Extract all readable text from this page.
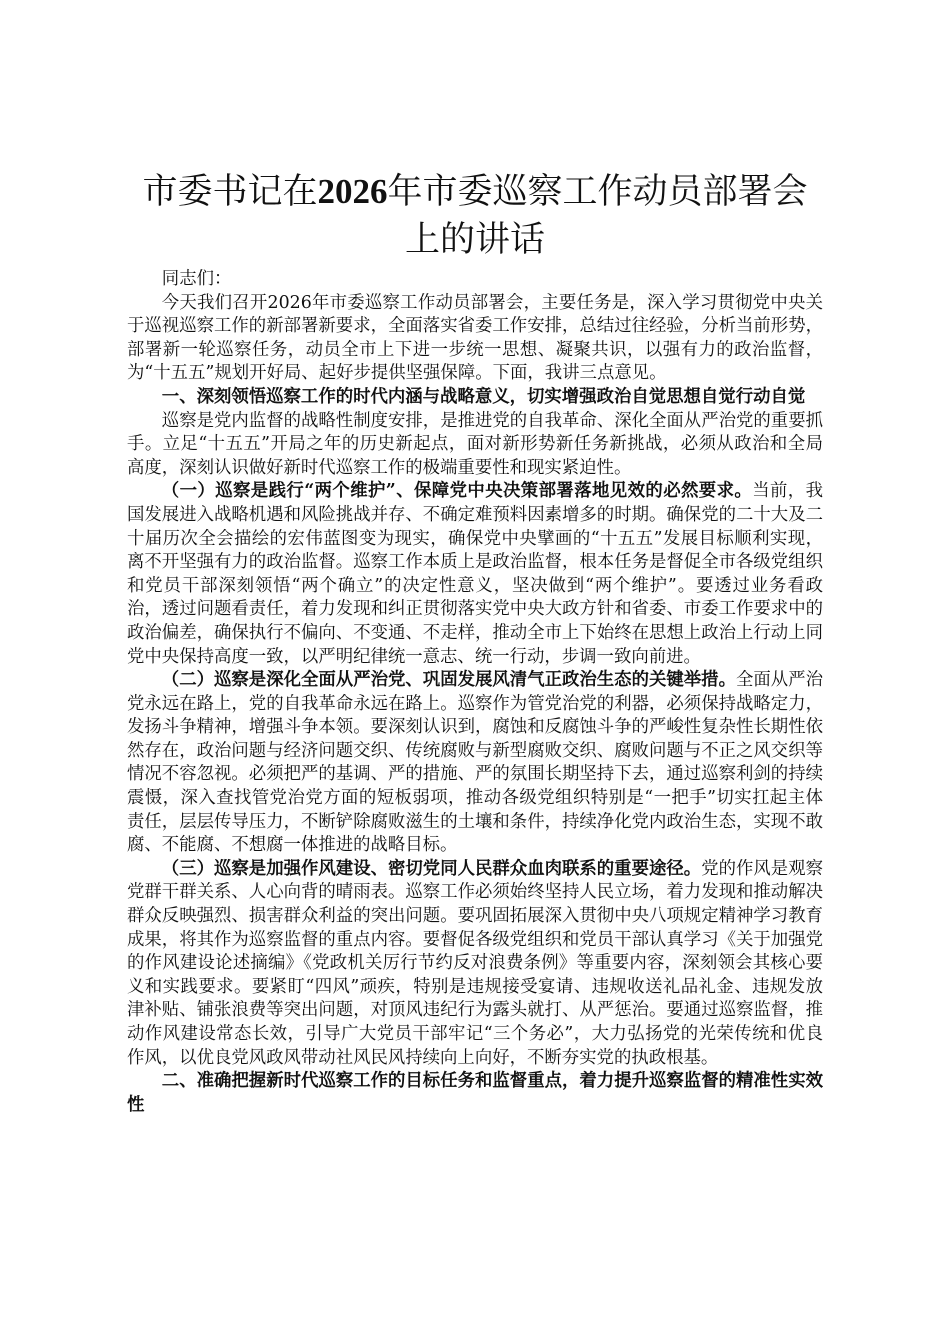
市委书记在2026年市委巡察工作动员部署会上的讲话

同志们：

今天我们召开2026年市委巡察工作动员部署会，主要任务是，深入学习贯彻党中央关于巡视巡察工作的新部署新要求，全面落实省委工作安排，总结过往经验，分析当前形势，部署新一轮巡察任务，动员全市上下进一步统一思想、凝聚共识，以强有力的政治监督，为“十五五”规划开好局、起好步提供坚强保障。下面，我讲三点意见。

一、深刻领悟巡察工作的时代内涵与战略意义，切实增强政治自觉思想自觉行动自觉

巡察是党内监督的战略性制度安排，是推进党的自我革命、深化全面从严治党的重要抓手。立足“十五五”开局之年的历史新起点，面对新形势新任务新挑战，必须从政治和全局高度，深刻认识做好新时代巡察工作的极端重要性和现实紧迫性。

（一）巡察是践行“两个维护”、保障党中央决策部署落地见效的必然要求。当前，我国发展进入战略机遇和风险挑战并存、不确定难预料因素增多的时期。确保党的二十大及二十届历次全会描绘的宏伟蓝图变为现实，确保党中央擘画的“十五五”发展目标顺利实现，离不开坚强有力的政治监督。巡察工作本质上是政治监督，根本任务是督促全市各级党组织和党员干部深刻领悟“两个确立”的决定性意义，坚决做到“两个维护”。要透过业务看政治，透过问题看责任，着力发现和纠正贯彻落实党中央大政方针和省委、市委工作要求中的政治偏差，确保执行不偏向、不变通、不走样，推动全市上下始终在思想上政治上行动上同党中央保持高度一致，以严明纪律统一意志、统一行动，步调一致向前进。

（二）巡察是深化全面从严治党、巩固发展风清气正政治生态的关键举措。全面从严治党永远在路上，党的自我革命永远在路上。巡察作为管党治党的利器，必须保持战略定力，发扬斗争精神，增强斗争本领。要深刻认识到，腐蚀和反腐蚀斗争的严峻性复杂性长期性依然存在，政治问题与经济问题交织、传统腐败与新型腐败交织、腐败问题与不正之风交织等情况不容忽视。必须把严的基调、严的措施、严的氛围长期坚持下去，通过巡察利剑的持续震慑，深入查找管党治党方面的短板弱项，推动各级党组织特别是“一把手”切实扛起主体责任，层层传导压力，不断铲除腐败滋生的土壤和条件，持续净化党内政治生态，实现不敢腐、不能腐、不想腐一体推进的战略目标。

（三）巡察是加强作风建设、密切党同人民群众血肉联系的重要途径。党的作风是观察党群干群关系、人心向背的晴雨表。巡察工作必须始终坚持人民立场，着力发现和推动解决群众反映强烈、损害群众利益的突出问题。要巩固拓展深入贯彻中央八项规定精神学习教育成果，将其作为巡察监督的重点内容。要督促各级党组织和党员干部认真学习《关于加强党的作风建设论述摘编》《党政机关厉行节约反对浪费条例》等重要内容，深刻领会其核心要义和实践要求。要紧盯“四风”顽疾，特别是违规接受宴请、违规收送礼品礼金、违规发放津补贴、铺张浪费等突出问题，对顶风违纪行为露头就打、从严惩治。要通过巡察监督，推动作风建设常态长效，引导广大党员干部牢记“三个务必”，大力弘扬党的光荣传统和优良作风，以优良党风政风带动社风民风持续向上向好，不断夯实党的执政根基。

二、准确把握新时代巡察工作的目标任务和监督重点，着力提升巡察监督的精准性实效性
